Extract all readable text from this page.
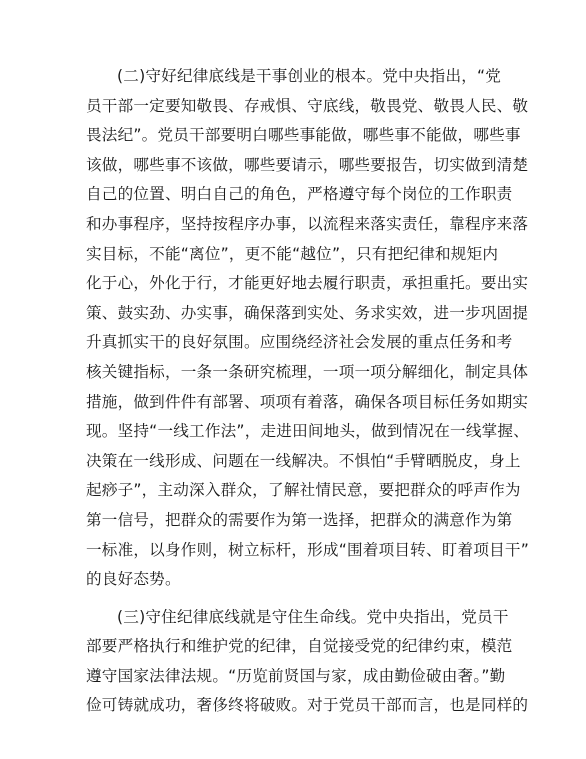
(二)守好纪律底线是干事创业的根本。党中央指出，“党
员干部一定要知敬畏、存戒惧、守底线，敬畏党、敬畏人民、敬
畏法纪”。党员干部要明白哪些事能做，哪些事不能做，哪些事
该做，哪些事不该做，哪些要请示，哪些要报告，切实做到清楚
自己的位置、明白自己的角色，严格遵守每个岗位的工作职责
和办事程序，坚持按程序办事，以流程来落实责任，靠程序来落
实目标，不能“离位”，更不能“越位”，只有把纪律和规矩内
化于心，外化于行，才能更好地去履行职责，承担重托。要出实
策、鼓实劲、办实事，确保落到实处、务求实效，进一步巩固提
升真抓实干的良好氛围。应围绕经济社会发展的重点任务和考
核关键指标，一条一条研究梳理，一项一项分解细化，制定具体
措施，做到件件有部署、项项有着落，确保各项目标任务如期实
现。坚持“一线工作法”，走进田间地头，做到情况在一线掌握、
决策在一线形成、问题在一线解决。不惧怕“手臂晒脱皮，身上
起痧子”，主动深入群众，了解社情民意，要把群众的呼声作为
第一信号，把群众的需要作为第一选择，把群众的满意作为第
一标准，以身作则，树立标杆，形成“围着项目转、盯着项目干”
的良好态势。
(三)守住纪律底线就是守住生命线。党中央指出，党员干
部要严格执行和维护党的纪律，自觉接受党的纪律约束，模范
遵守国家法律法规。“历览前贤国与家，成由勤俭破由奢。”勤
俭可铸就成功，奢侈终将破败。对于党员干部而言，也是同样的
